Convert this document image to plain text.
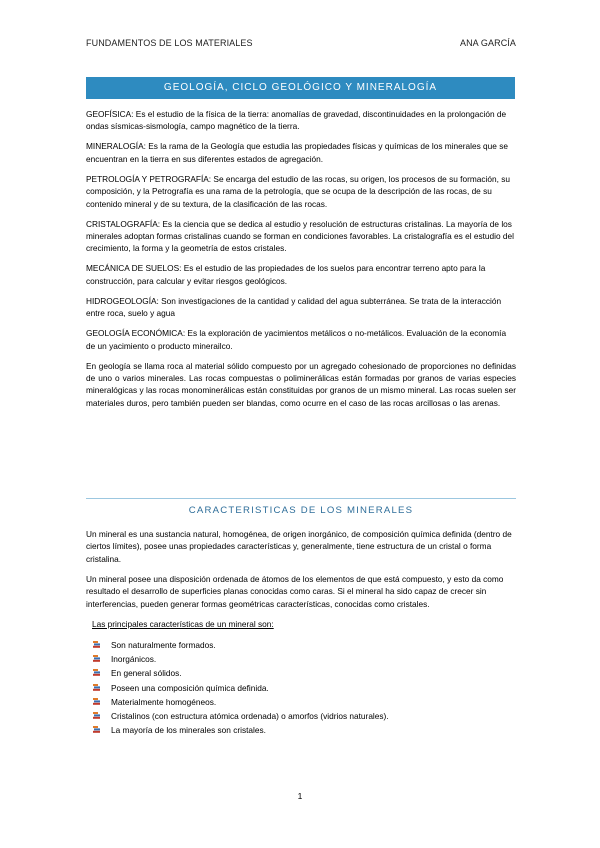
FUNDAMENTOS DE LOS MATERIALES	ANA GARCÍA
GEOLOGÍA, CICLO GEOLÓGICO Y MINERALOGÍA

GEOFÍSICA: Es el estudio de la física de la tierra: anomalías de gravedad, discontinuidades en la prolongación de ondas sísmicas-sismología, campo magnético de la tierra.

MINERALOGÍA: Es la rama de la Geología que estudia las propiedades físicas y químicas de los minerales que se encuentran en la tierra en sus diferentes estados de agregación.

PETROLOGÍA Y PETROGRAFÍA: Se encarga del estudio de las rocas, su origen, los procesos de su formación, su composición, y la Petrografía es una rama de la petrología, que se ocupa de la descripción de las rocas, de su contenido mineral y de su textura, de la clasificación de las rocas.

CRISTALOGRAFÍA: Es la ciencia que se dedica al estudio y resolución de estructuras cristalinas. La mayoría de los minerales adoptan formas cristalinas cuando se forman en condiciones favorables. La cristalografía es el estudio del crecimiento, la forma y la geometría de estos cristales.

MECÁNICA DE SUELOS: Es el estudio de las propiedades de los suelos para encontrar terreno apto para la construcción, para calcular y evitar riesgos geológicos.

HIDROGEOLOGÍA: Son investigaciones de la cantidad y calidad del agua subterránea. Se trata de la interacción entre roca, suelo y agua

GEOLOGÍA ECONÓMICA: Es la exploración de yacimientos metálicos o no-metálicos. Evaluación de la economía de un yacimiento o producto minerailco.

En geología se llama roca al material sólido compuesto por un agregado cohesionado de proporciones no definidas de uno o varios minerales. Las rocas compuestas o poliminerálicas están formadas por granos de varias especies mineralógicas y las rocas monominerálicas están constituidas por granos de un mismo mineral. Las rocas suelen ser materiales duros, pero también pueden ser blandas, como ocurre en el caso de las rocas arcillosas o las arenas.

CARACTERISTICAS DE LOS MINERALES

Un mineral es una sustancia natural, homogénea, de origen inorgánico, de composición química definida (dentro de ciertos límites), posee unas propiedades características y, generalmente, tiene estructura de un cristal o forma cristalina.

Un mineral posee una disposición ordenada de átomos de los elementos de que está compuesto, y esto da como resultado el desarrollo de superficies planas conocidas como caras. Si el mineral ha sido capaz de crecer sin interferencias, pueden generar formas geométricas características, conocidas como cristales.

Las principales características de un mineral son:
Son naturalmente formados.
Inorgánicos.
En general sólidos.
Poseen una composición química definida.
Materialmente homogéneos.
Cristalinos (con estructura atómica ordenada) o amorfos (vidrios naturales).
La mayoría de los minerales son cristales.
1
